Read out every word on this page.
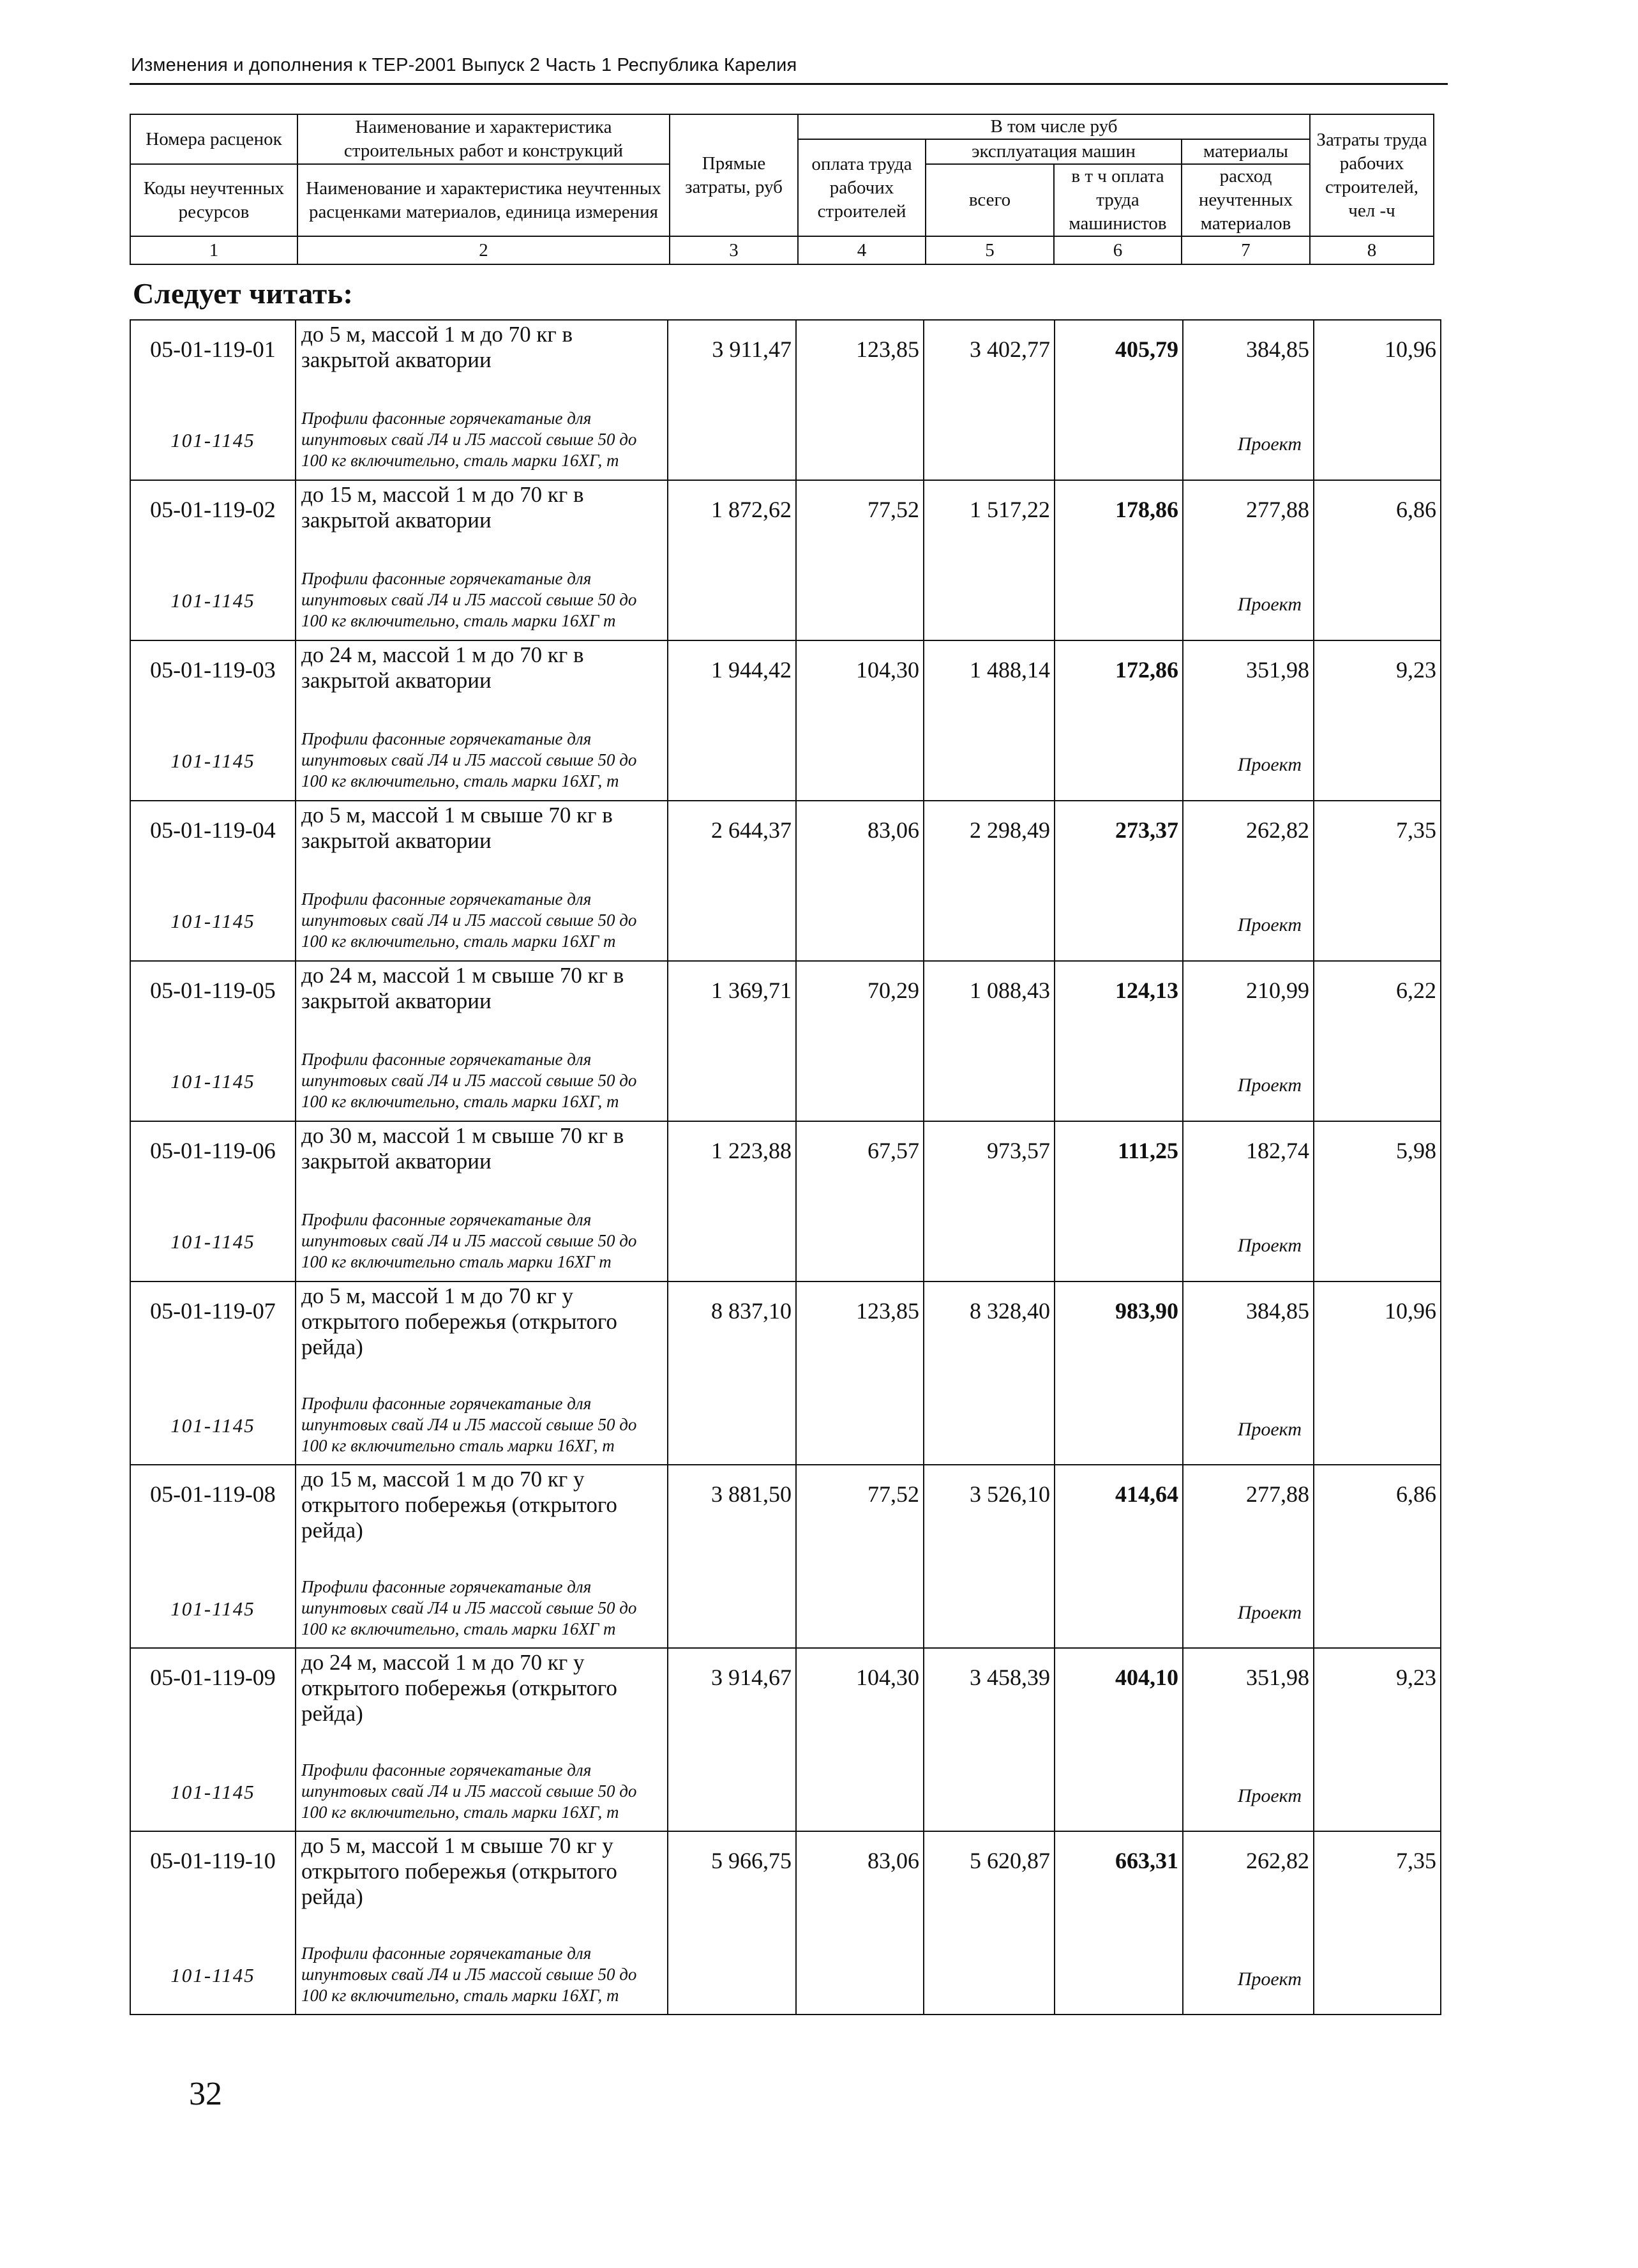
Изменения и дополнения к ТЕР-2001 Выпуск 2 Часть 1 Республика Карелия
Номера расценок	Наименование и характеристика строительных работ и конструкций	Прямые затраты, руб	В том числе руб				Затраты труда рабочих строителей, чел -ч
			оплата труда рабочих строителей	эксплуатация машин		материалы	
Коды неучтенных ресурсов	Наименование и характеристика неучтенных расценками материалов, единица измерения			всего	в т ч оплата труда машинистов	расход неучтенных материалов	

1	2	3	4	5	6	7	8
Следует читать:
05-01-119-01	до 5 м, массой 1 м до 70 кг в закрытой акватории	3 911,47	123,85	3 402,77	405,79	384,85	10,96
101-1145	Профили фасонные горячекатаные для шпунтовых свай Л4 и Л5 массой свыше 50 до 100 кг включительно, сталь марки 16ХГ, т					Проект	
05-01-119-02	до 15 м, массой 1 м до 70 кг в закрытой акватории	1 872,62	77,52	1 517,22	178,86	277,88	6,86
101-1145	Профили фасонные горячекатаные для шпунтовых свай Л4 и Л5 массой свыше 50 до 100 кг включительно, сталь марки 16ХГ т					Проект	
05-01-119-03	до 24 м, массой 1 м до 70 кг в закрытой акватории	1 944,42	104,30	1 488,14	172,86	351,98	9,23
101-1145	Профили фасонные горячекатаные для шпунтовых свай Л4 и Л5 массой свыше 50 до 100 кг включительно, сталь марки 16ХГ, т					Проект	
05-01-119-04	до 5 м, массой 1 м свыше 70 кг в закрытой акватории	2 644,37	83,06	2 298,49	273,37	262,82	7,35
101-1145	Профили фасонные горячекатаные для шпунтовых свай Л4 и Л5 массой свыше 50 до 100 кг включительно, сталь марки 16ХГ т					Проект	
05-01-119-05	до 24 м, массой 1 м свыше 70 кг в закрытой акватории	1 369,71	70,29	1 088,43	124,13	210,99	6,22
101-1145	Профили фасонные горячекатаные для шпунтовых свай Л4 и Л5 массой свыше 50 до 100 кг включительно, сталь марки 16ХГ, т					Проект	
05-01-119-06	до 30 м, массой 1 м свыше 70 кг в закрытой акватории	1 223,88	67,57	973,57	111,25	182,74	5,98
101-1145	Профили фасонные горячекатаные для шпунтовых свай Л4 и Л5 массой свыше 50 до 100 кг включительно сталь марки 16ХГ т					Проект	
05-01-119-07	до 5 м, массой 1 м до 70 кг у открытого побережья (открытого рейда)	8 837,10	123,85	8 328,40	983,90	384,85	10,96
101-1145	Профили фасонные горячекатаные для шпунтовых свай Л4 и Л5 массой свыше 50 до 100 кг включительно сталь марки 16ХГ, т					Проект	
05-01-119-08	до 15 м, массой 1 м до 70 кг у открытого побережья (открытого рейда)	3 881,50	77,52	3 526,10	414,64	277,88	6,86
101-1145	Профили фасонные горячекатаные для шпунтовых свай Л4 и Л5 массой свыше 50 до 100 кг включительно, сталь марки 16ХГ т					Проект	
05-01-119-09	до 24 м, массой 1 м до 70 кг у открытого побережья (открытого рейда)	3 914,67	104,30	3 458,39	404,10	351,98	9,23
101-1145	Профили фасонные горячекатаные для шпунтовых свай Л4 и Л5 массой свыше 50 до 100 кг включительно, сталь марки 16ХГ, т					Проект	
05-01-119-10	до 5 м, массой 1 м свыше 70 кг у открытого побережья (открытого рейда)	5 966,75	83,06	5 620,87	663,31	262,82	7,35
101-1145	Профили фасонные горячекатаные для шпунтовых свай Л4 и Л5 массой свыше 50 до 100 кг включительно, сталь марки 16ХГ, т					Проект	
32
